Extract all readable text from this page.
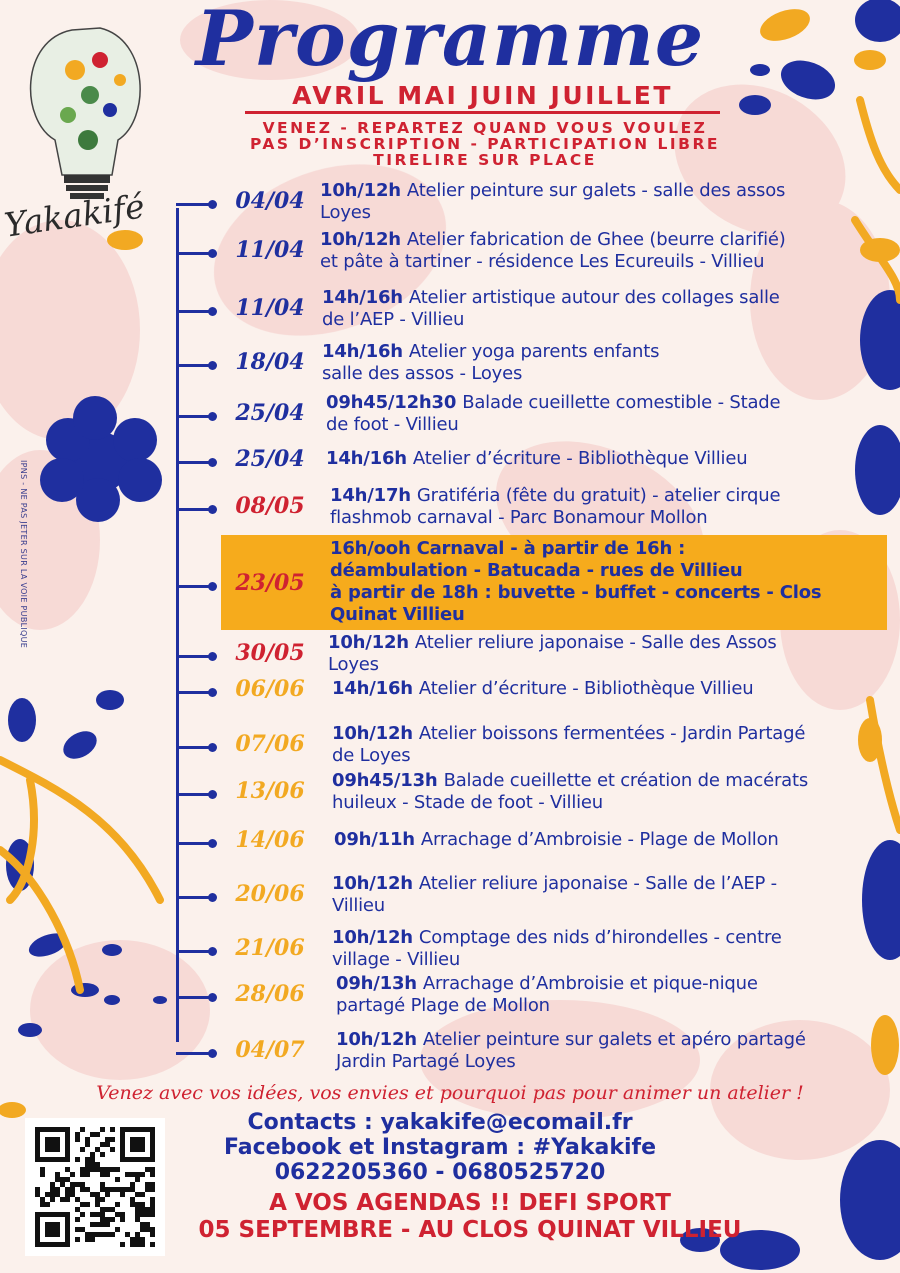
Yakakifé
Programme
AVRIL MAI JUIN JUILLET
VENEZ - REPARTEZ QUAND VOUS VOULEZ
PAS D’INSCRIPTION - PARTICIPATION LIBRE
TIRELIRE SUR PLACE
IPNS - NE PAS JETER SUR LA VOIE PUBLIQUE
04/04 10h/12h Atelier peinture sur galets - salle des assos
Loyes
11/04 10h/12h Atelier fabrication de Ghee (beurre clarifié)
et pâte à tartiner - résidence Les Ecureuils - Villieu
11/04 14h/16h Atelier artistique autour des collages salle
de l’AEP - Villieu
18/04 14h/16h Atelier yoga parents enfants
salle des assos - Loyes
25/04	09h45/12h30 Balade cueillette comestible - Stade
de foot - Villieu
25/04	14h/16h Atelier d’écriture - Bibliothèque Villieu
08/05	14h/17h Gratiféria (fête du gratuit) - atelier cirque
flashmob carnaval - Parc Bonamour Mollon
23/05
16h/ooh Carnaval - à partir de 16h :
déambulation - Batucada - rues de Villieu
à partir de 18h : buvette - buffet - concerts - Clos
Quinat Villieu
30/05	10h/12h Atelier reliure japonaise - Salle des Assos
Loyes
06/06	14h/16h Atelier d’écriture - Bibliothèque Villieu
07/06	10h/12h Atelier boissons fermentées - Jardin Partagé
de Loyes
13/06	09h45/13h Balade cueillette et création de macérats
huileux - Stade de foot - Villieu
14/06	09h/11h Arrachage d’Ambroisie - Plage de Mollon
20/06	10h/12h Atelier reliure japonaise - Salle de l’AEP -
Villieu
21/06	10h/12h Comptage des nids d’hirondelles - centre
village - Villieu
28/06	09h/13h Arrachage d’Ambroisie et pique-nique
partagé Plage de Mollon
04/07	10h/12h Atelier peinture sur galets et apéro partagé
Jardin Partagé Loyes
Venez avec vos idées, vos envies et pourquoi pas pour animer un atelier !
Contacts : yakakife@ecomail.fr
Facebook et Instagram : #Yakakife
0622205360 - 0680525720
A VOS AGENDAS !! DEFI SPORT
05 SEPTEMBRE - AU CLOS QUINAT VILLIEU
